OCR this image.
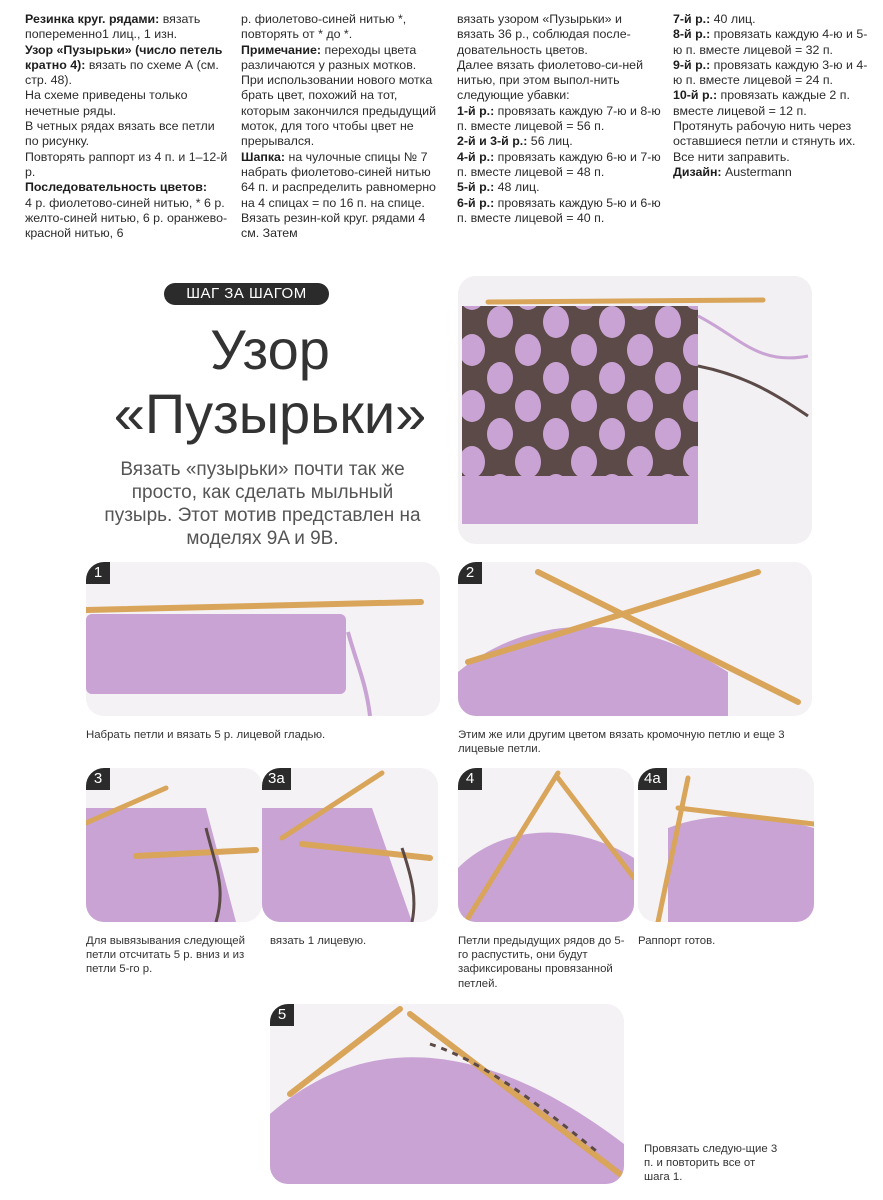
Резинка круг. рядами: вязать попеременно1 лиц., 1 изн.

Узор «Пузырьки» (число петель кратно 4): вязать по схеме А (см. стр. 48).

На схеме приведены только нечетные ряды.

В четных рядах вязать все петли по рисунку.

Повторять раппорт из 4 п. и 1–12-й р.

Последовательность цветов:

4 р. фиолетово-синей нитью, * 6 р. желто-синей нитью, 6 р. оранжево-красной нитью, 6

р. фиолетово-синей нитью *, повторять от * до *.

Примечание: переходы цвета различаются у разных мотков. При использовании нового мотка брать цвет, похожий на тот, которым закончился предыдущий моток, для того чтобы цвет не прерывался.

Шапка: на чулочные спицы № 7 набрать фиолетово-синей нитью 64 п. и распределить равномерно на 4 спицах = по 16 п. на спице. Вязать резин-кой круг. рядами 4 см. Затем

вязать узором «Пузырьки» и вязать 36 р., соблюдая после-довательность цветов.

Далее вязать фиолетово-си-ней нитью, при этом выпол-нить следующие убавки:

1-й р.: провязать каждую 7-ю и 8-ю п. вместе лицевой = 56 п.

2-й и 3-й р.: 56 лиц.

4-й р.: провязать каждую 6-ю и 7-ю п. вместе лицевой = 48 п.

5-й р.: 48 лиц.

6-й р.: провязать каждую 5-ю и 6-ю п. вместе лицевой = 40 п.

7-й р.: 40 лиц.

8-й р.: провязать каждую 4-ю и 5-ю п. вместе лицевой = 32 п.

9-й р.: провязать каждую 3-ю и 4-ю п. вместе лицевой = 24 п.

10-й р.: провязать каждые 2 п. вместе лицевой = 12 п.

Протянуть рабочую нить через оставшиеся петли и стянуть их.

Все нити заправить.

Дизайн: Austermann

ШАГ ЗА ШАГОМ
Узор
«Пузырьки»
Вязать «пузырьки» почти так же просто, как сделать мыльный пузырь. Этот мотив представлен на моделях 9A и 9B.
1	2
Набрать петли и вязать 5 р. лицевой гладью.	Этим же или другим цветом вязать кромочную петлю и еще 3 лицевые петли.
3	3a	4	4a
Для вывязывания следующей петли отсчитать 5 р. вниз и из петли 5-го р.
вязать 1 лицевую.	Петли предыдущих рядов до 5-го распустить, они будут зафиксированы провязанной петлей.
Раппорт готов.
5
Провязать следую-щие 3 п. и повторить все от шага 1.
